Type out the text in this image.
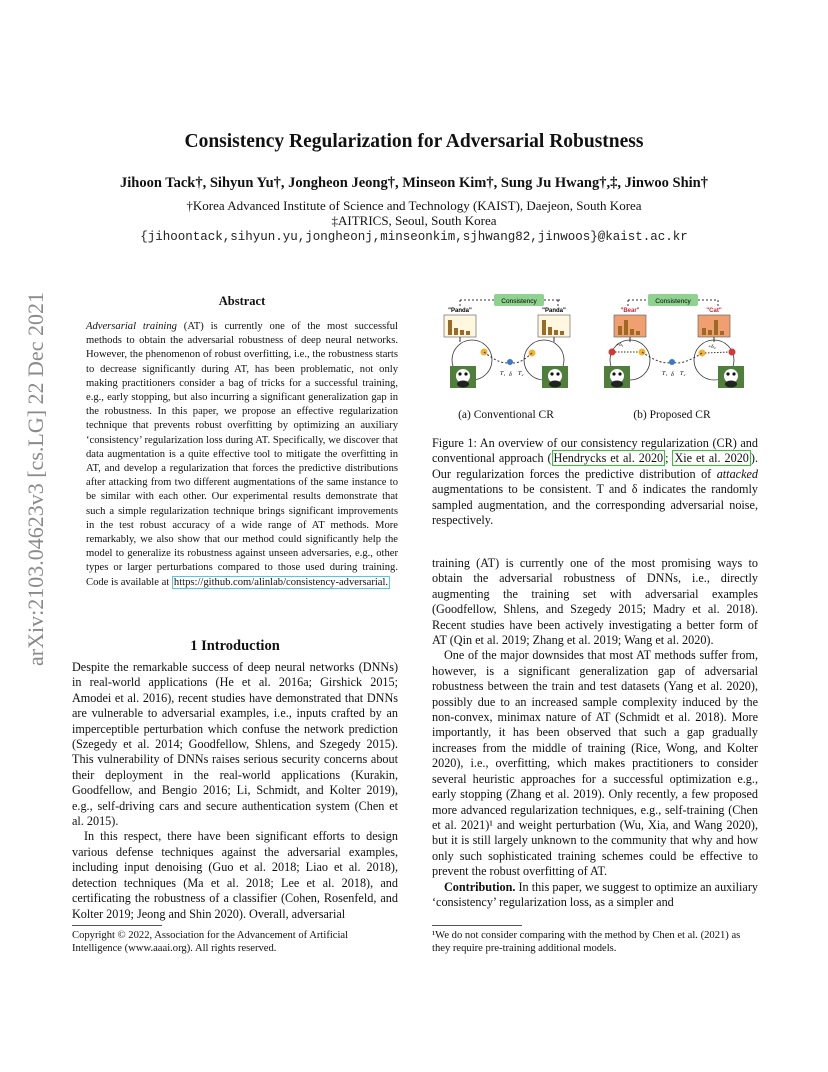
arXiv:2103.04623v3 [cs.LG] 22 Dec 2021
Consistency Regularization for Adversarial Robustness
Jihoon Tack†, Sihyun Yu†, Jongheon Jeong†, Minseon Kim†, Sung Ju Hwang†,‡, Jinwoo Shin†
†Korea Advanced Institute of Science and Technology (KAIST), Daejeon, South Korea
‡AITRICS, Seoul, South Korea
{jihoontack,sihyun.yu,jongheonj,minseonkim,sjhwang82,jinwoos}@kaist.ac.kr
Abstract
Adversarial training (AT) is currently one of the most successful methods to obtain the adversarial robustness of deep neural networks. However, the phenomenon of robust overfitting, i.e., the robustness starts to decrease significantly during AT, has been problematic, not only making practitioners consider a bag of tricks for a successful training, e.g., early stopping, but also incurring a significant generalization gap in the robustness. In this paper, we propose an effective regularization technique that prevents robust overfitting by optimizing an auxiliary ‘consistency’ regularization loss during AT. Specifically, we discover that data augmentation is a quite effective tool to mitigate the overfitting in AT, and develop a regularization that forces the predictive distributions after attacking from two different augmentations of the same instance to be similar with each other. Our experimental results demonstrate that such a simple regularization technique brings significant improvements in the test robust accuracy of a wide range of AT methods. More remarkably, we also show that our method could significantly help the model to generalize its robustness against unseen adversaries, e.g., other types or larger perturbations compared to those used during training. Code is available at https://github.com/alinlab/consistency-adversarial.
Consistency
"Panda"	"Panda"
T₁ δ T₂
Consistency
"Bear"	"Cat"
+δ₁	+δ₂
T₁ δ T₂
(a) Conventional CR	(b) Proposed CR
Figure 1: An overview of our consistency regularization (CR) and conventional approach ( Hendrycks et al. 2020 ; Xie et al. 2020 ). Our regularization forces the predictive distribution of attacked augmentations to be consistent. T and δ indicates the randomly sampled augmentation, and the corresponding adversarial noise, respectively.
1 Introduction

Despite the remarkable success of deep neural networks (DNNs) in real-world applications (He et al. 2016a; Girshick 2015; Amodei et al. 2016), recent studies have demonstrated that DNNs are vulnerable to adversarial examples, i.e., inputs crafted by an imperceptible perturbation which confuse the network prediction (Szegedy et al. 2014; Goodfellow, Shlens, and Szegedy 2015). This vulnerability of DNNs raises serious security concerns about their deployment in the real-world applications (Kurakin, Goodfellow, and Bengio 2016; Li, Schmidt, and Kolter 2019), e.g., self-driving cars and secure authentication system (Chen et al. 2015).

In this respect, there have been significant efforts to design various defense techniques against the adversarial examples, including input denoising (Guo et al. 2018; Liao et al. 2018), detection techniques (Ma et al. 2018; Lee et al. 2018), and certificating the robustness of a classifier (Cohen, Rosenfeld, and Kolter 2019; Jeong and Shin 2020). Overall, adversarial

training (AT) is currently one of the most promising ways to obtain the adversarial robustness of DNNs, i.e., directly augmenting the training set with adversarial examples (Goodfellow, Shlens, and Szegedy 2015; Madry et al. 2018). Recent studies have been actively investigating a better form of AT (Qin et al. 2019; Zhang et al. 2019; Wang et al. 2020).

One of the major downsides that most AT methods suffer from, however, is a significant generalization gap of adversarial robustness between the train and test datasets (Yang et al. 2020), possibly due to an increased sample complexity induced by the non-convex, minimax nature of AT (Schmidt et al. 2018). More importantly, it has been observed that such a gap gradually increases from the middle of training (Rice, Wong, and Kolter 2020), i.e., overfitting, which makes practitioners to consider several heuristic approaches for a successful optimization e.g., early stopping (Zhang et al. 2019). Only recently, a few proposed more advanced regularization techniques, e.g., self-training (Chen et al. 2021)¹ and weight perturbation (Wu, Xia, and Wang 2020), but it is still largely unknown to the community that why and how only such sophisticated training schemes could be effective to prevent the robust overfitting of AT.

Contribution. In this paper, we suggest to optimize an auxiliary ‘consistency’ regularization loss, as a simpler and

Copyright © 2022, Association for the Advancement of Artificial Intelligence (www.aaai.org). All rights reserved.
¹We do not consider comparing with the method by Chen et al. (2021) as they require pre-training additional models.
